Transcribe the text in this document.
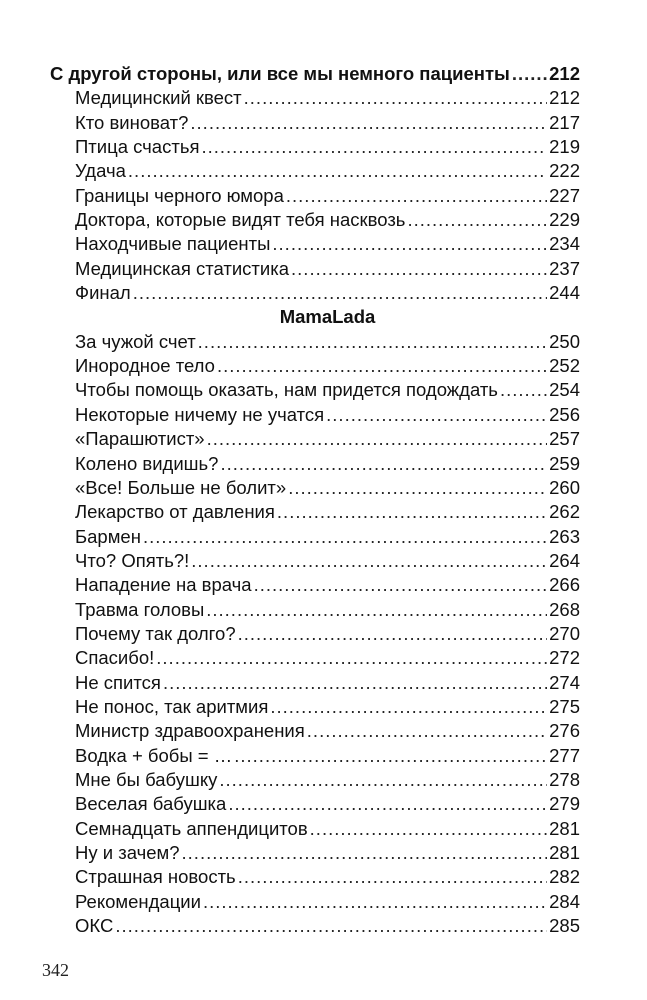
С другой стороны, или все мы немного пациенты ..... 212
Медицинский квест .....	212
Кто виноват? .....	217
Птица счастья .....	219
Удача .....	222
Границы черного юмора .....	227
Доктора, которые видят тебя насквозь .....	229
Находчивые пациенты .....	234
Медицинская статистика .....	237
Финал .....	244
MamaLada
За чужой счет .....	250
Инородное тело .....	252
Чтобы помощь оказать, нам придется подождать .....	254
Некоторые ничему не учатся .....	256
«Парашютист» .....	257
Колено видишь? .....	259
«Все! Больше не болит» .....	260
Лекарство от давления .....	262
Бармен .....	263
Что? Опять?! .....	264
Нападение на врача .....	266
Травма головы .....	268
Почему так долго? .....	270
Спасибо! .....	272
Не спится .....	274
Не понос, так аритмия .....	275
Министр здравоохранения .....	276
Водка + бобы = … .....	277
Мне бы бабушку .....	278
Веселая бабушка .....	279
Семнадцать аппендицитов .....	281
Ну и зачем? .....	281
Страшная новость .....	282
Рекомендации .....	284
ОКС .....	285
342
